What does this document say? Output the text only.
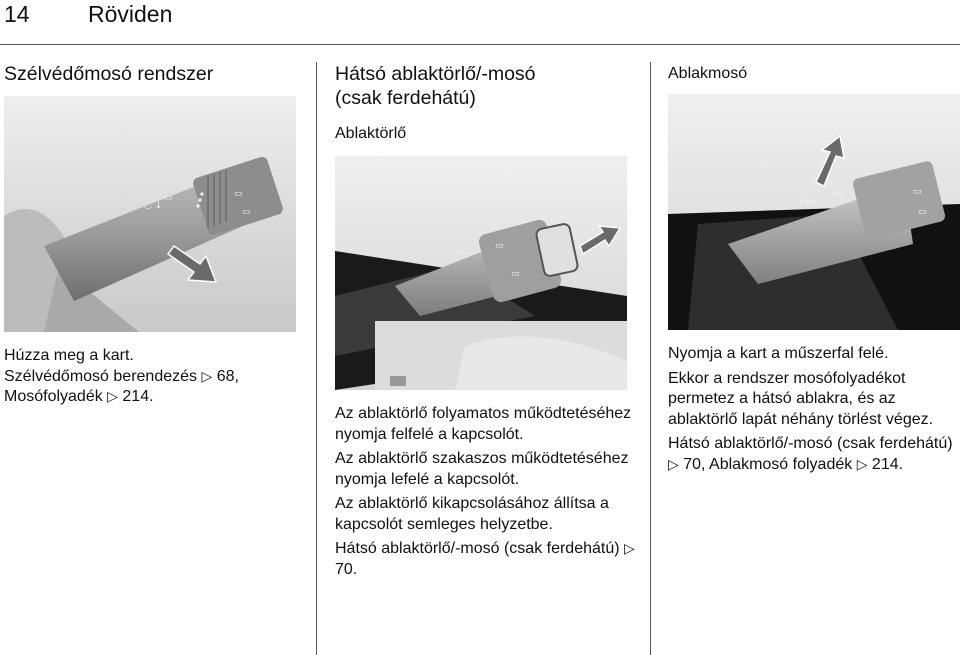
14	Röviden
Szélvédőmosó rendszer
◡ ↓
▭	▭
▭

Húzza meg a kart.

Szélvédőmosó berendezés ▷ 68,

Mosófolyadék ▷ 214.

Hátsó ablaktörlő/-mosó
(csak ferdehátú)
Ablaktörlő
▭
▭
▭

Az ablaktörlő folyamatos működtetéséhez nyomja felfelé a kapcsolót.

Az ablaktörlő szakaszos működtetéséhez nyomja lefelé a kapcsolót.

Az ablaktörlő kikapcsolásához állítsa a kapcsolót semleges helyzetbe.

Hátsó ablaktörlő/-mosó (csak ferdehátú) ▷ 70.

Ablakmosó
↓▭
▭	▭
▭

Nyomja a kart a műszerfal felé.

Ekkor a rendszer mosófolyadékot permetez a hátsó ablakra, és az ablaktörlő lapát néhány törlést végez.

Hátsó ablaktörlő/-mosó (csak ferdehátú) ▷ 70, Ablakmosó folyadék ▷ 214.
